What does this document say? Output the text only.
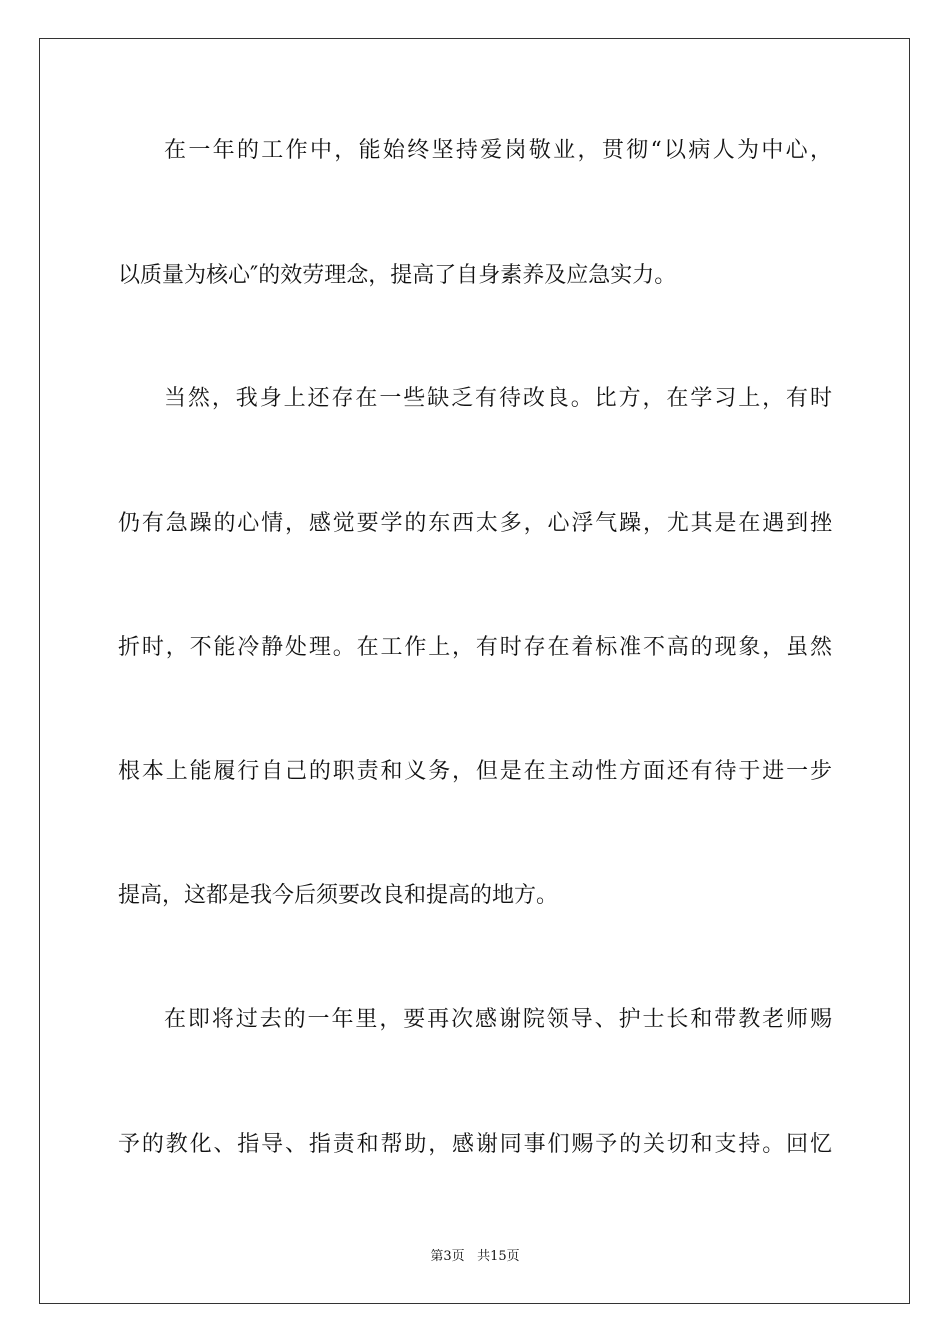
在一年的工作中，能始终坚持爱岗敬业，贯彻“以病人为中心，
以质量为核心″的效劳理念，提高了自身素养及应急实力。
当然，我身上还存在一些缺乏有待改良。比方，在学习上，有时
仍有急躁的心情，感觉要学的东西太多，心浮气躁，尤其是在遇到挫
折时，不能冷静处理。在工作上，有时存在着标准不高的现象，虽然
根本上能履行自己的职责和义务，但是在主动性方面还有待于进一步
提高，这都是我今后须要改良和提高的地方。
在即将过去的一年里，要再次感谢院领导、护士长和带教老师赐
予的教化、指导、指责和帮助，感谢同事们赐予的关切和支持。回忆
第3页 共15页
